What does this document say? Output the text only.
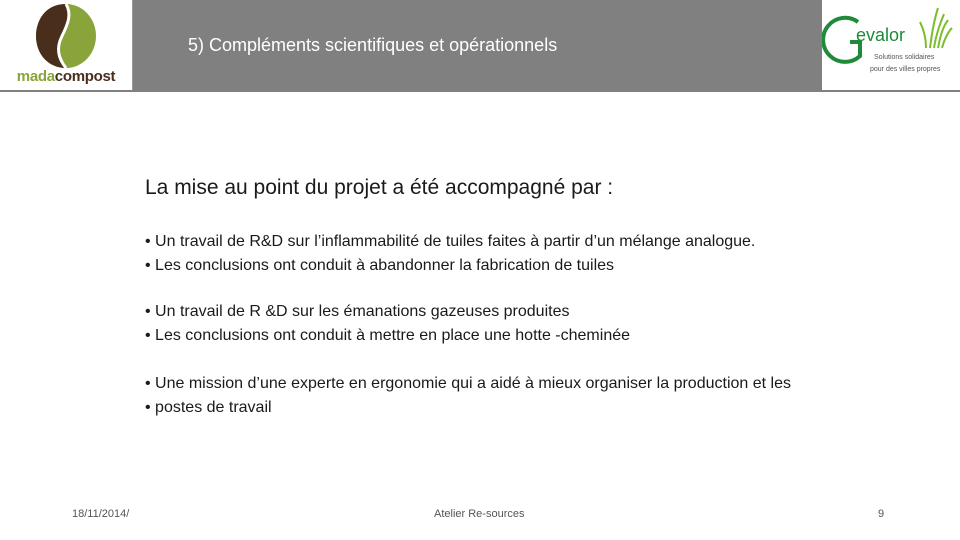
madacompost
5) Compléments scientifiques et opérationnels	evalor
Solutions solidaires
pour des villes propres
La mise au point du projet a été accompagné par :
• Un travail de R&D sur l’inflammabilité de tuiles faites à partir d’un mélange analogue.
• Les conclusions ont conduit à abandonner la fabrication de tuiles
• Un travail de R &D sur les émanations gazeuses produites
• Les conclusions ont conduit à mettre en place une hotte -cheminée
• Une mission d’une experte en ergonomie qui a aidé à mieux organiser la production et les
• postes de travail
18/11/2014/	Atelier Re-sources	9
